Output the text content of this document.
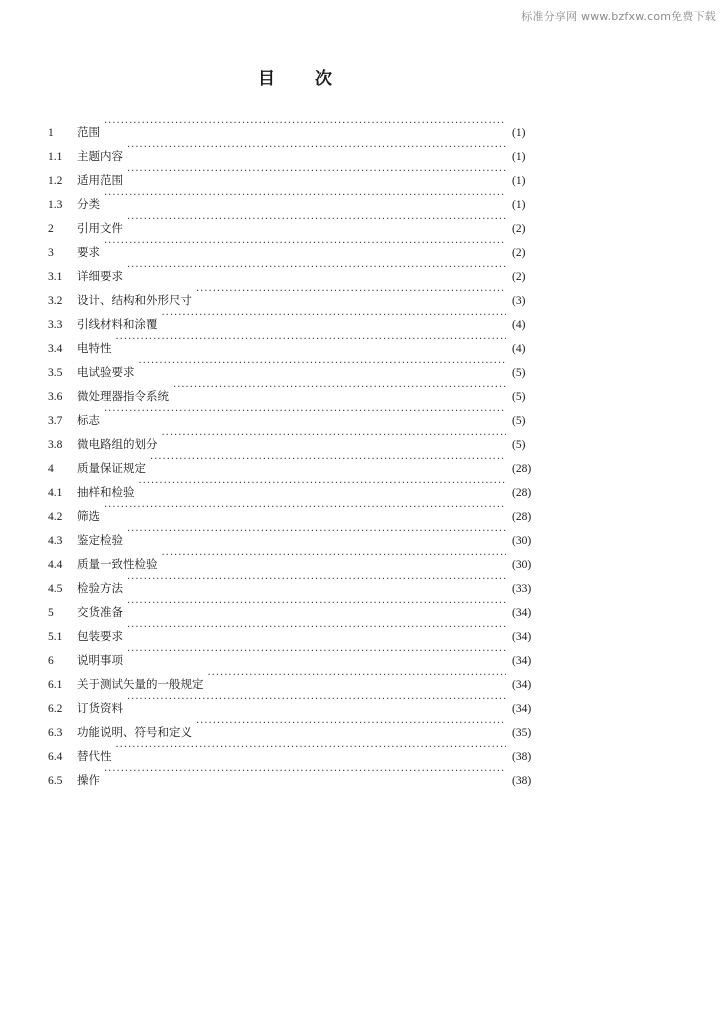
标准分享网 www.bzfxw.com免费下载
目次
1	范围 ·····	(1)
1.1	主题内容 ·····	(1)
1.2	适用范围 ·····	(1)
1.3	分类 ·····	(1)
2	引用文件 ·····	(2)
3	要求 ·····	(2)
3.1	详细要求 ·····	(2)
3.2	设计、结构和外形尺寸 ·····	(3)
3.3	引线材料和涂覆 ·····	(4)
3.4	电特性 ·····	(4)
3.5	电试验要求 ·····	(5)
3.6	微处理器指令系统 ·····	(5)
3.7	标志 ·····	(5)
3.8	微电路组的划分 ·····	(5)
4	质量保证规定 ·····	(28)
4.1	抽样和检验 ·····	(28)
4.2	筛选 ·····	(28)
4.3	鉴定检验 ·····	(30)
4.4	质量一致性检验 ·····	(30)
4.5	检验方法 ·····	(33)
5	交货准备 ·····	(34)
5.1	包装要求 ·····	(34)
6	说明事项 ·····	(34)
6.1	关于测试矢量的一般规定 ·····	(34)
6.2	订货资料 ·····	(34)
6.3	功能说明、符号和定义 ·····	(35)
6.4	替代性 ·····	(38)
6.5	操作 ·····	(38)
